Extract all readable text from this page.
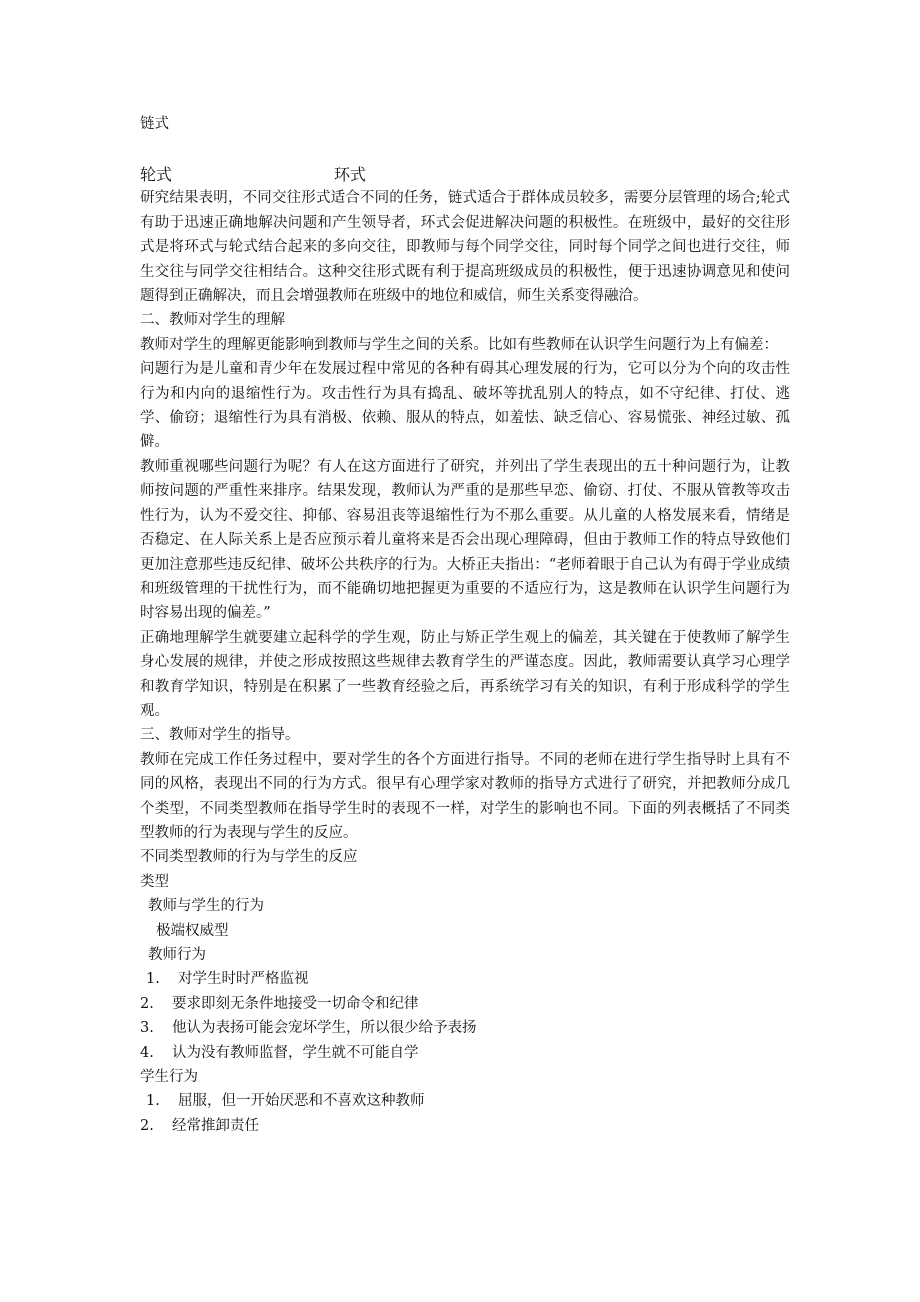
链式

轮式	环式

研究结果表明，不同交往形式适合不同的任务，链式适合于群体成员较多，需要分层管理的场合;轮式有助于迅速正确地解决问题和产生领导者，环式会促进解决问题的积极性。在班级中，最好的交往形式是将环式与轮式结合起来的多向交往，即教师与每个同学交往，同时每个同学之间也进行交往，师生交往与同学交往相结合。这种交往形式既有利于提高班级成员的积极性，便于迅速协调意见和使问题得到正确解决，而且会增强教师在班级中的地位和威信，师生关系变得融洽。

二、教师对学生的理解

教师对学生的理解更能影响到教师与学生之间的关系。比如有些教师在认识学生问题行为上有偏差：

问题行为是儿童和青少年在发展过程中常见的各种有碍其心理发展的行为，它可以分为个向的攻击性行为和内向的退缩性行为。攻击性行为具有捣乱、破坏等扰乱别人的特点，如不守纪律、打仗、逃学、偷窃；退缩性行为具有消极、依赖、服从的特点，如羞怯、缺乏信心、容易慌张、神经过敏、孤僻。

教师重视哪些问题行为呢？有人在这方面进行了研究，并列出了学生表现出的五十种问题行为，让教师按问题的严重性来排序。结果发现，教师认为严重的是那些早恋、偷窃、打仗、不服从管教等攻击性行为，认为不爱交往、抑郁、容易沮丧等退缩性行为不那么重要。从儿童的人格发展来看，情绪是否稳定、在人际关系上是否应预示着儿童将来是否会出现心理障碍，但由于教师工作的特点导致他们更加注意那些违反纪律、破坏公共秩序的行为。大桥正夫指出：“老师着眼于自己认为有碍于学业成绩和班级管理的干扰性行为，而不能确切地把握更为重要的不适应行为，这是教师在认识学生问题行为时容易出现的偏差。”

正确地理解学生就要建立起科学的学生观，防止与矫正学生观上的偏差，其关键在于使教师了解学生身心发展的规律，并使之形成按照这些规律去教育学生的严谨态度。因此，教师需要认真学习心理学和教育学知识，特别是在积累了一些教育经验之后，再系统学习有关的知识，有利于形成科学的学生观。

三、教师对学生的指导。

教师在完成工作任务过程中，要对学生的各个方面进行指导。不同的老师在进行学生指导时上具有不同的风格，表现出不同的行为方式。很早有心理学家对教师的指导方式进行了研究，并把教师分成几个类型，不同类型教师在指导学生时的表现不一样，对学生的影响也不同。下面的列表概括了不同类型教师的行为表现与学生的反应。

不同类型教师的行为与学生的反应

类型

教师与学生的行为

极端权威型

教师行为

1. 对学生时时严格监视

2. 要求即刻无条件地接受一切命令和纪律

3. 他认为表扬可能会宠坏学生，所以很少给予表扬

4. 认为没有教师监督，学生就不可能自学

学生行为

1. 屈服，但一开始厌恶和不喜欢这种教师

2. 经常推卸责任
